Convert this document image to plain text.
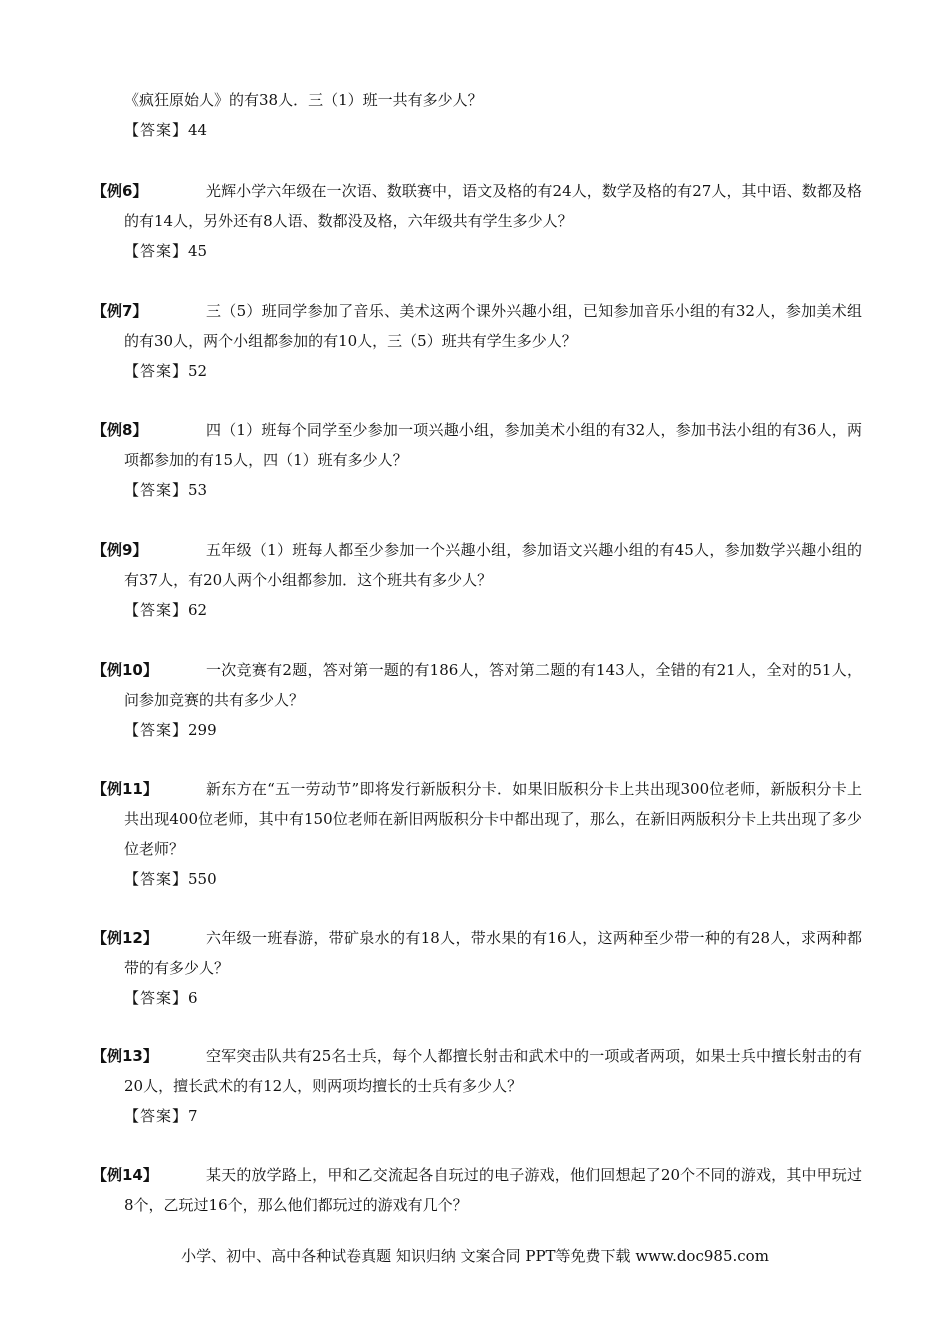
《疯狂原始人》的有38人．三（1）班一共有多少人？
【答案】44
【例6】	光辉小学六年级在一次语、数联赛中，语文及格的有24人，数学及格的有27人，其中语、数都及格的有14人，另外还有8人语、数都没及格，六年级共有学生多少人？
【答案】45
【例7】	三（5）班同学参加了音乐、美术这两个课外兴趣小组，已知参加音乐小组的有32人，参加美术组的有30人，两个小组都参加的有10人，三（5）班共有学生多少人？
【答案】52
【例8】	四（1）班每个同学至少参加一项兴趣小组，参加美术小组的有32人，参加书法小组的有36人，两项都参加的有15人，四（1）班有多少人？
【答案】53
【例9】	五年级（1）班每人都至少参加一个兴趣小组，参加语文兴趣小组的有45人，参加数学兴趣小组的有37人，有20人两个小组都参加．这个班共有多少人？
【答案】62
【例10】	一次竞赛有2题，答对第一题的有186人，答对第二题的有143人，全错的有21人，全对的51人，问参加竞赛的共有多少人？
【答案】299
【例11】	新东方在“五一劳动节”即将发行新版积分卡．如果旧版积分卡上共出现300位老师，新版积分卡上共出现400位老师，其中有150位老师在新旧两版积分卡中都出现了，那么，在新旧两版积分卡上共出现了多少位老师？
【答案】550
【例12】	六年级一班春游，带矿泉水的有18人，带水果的有16人，这两种至少带一种的有28人，求两种都带的有多少人？
【答案】6
【例13】	空军突击队共有25名士兵，每个人都擅长射击和武术中的一项或者两项，如果士兵中擅长射击的有20人，擅长武术的有12人，则两项均擅长的士兵有多少人？
【答案】7
【例14】	某天的放学路上，甲和乙交流起各自玩过的电子游戏，他们回想起了20个不同的游戏，其中甲玩过8个，乙玩过16个，那么他们都玩过的游戏有几个？
小学、初中、高中各种试卷真题 知识归纳 文案合同 PPT等免费下载 www.doc985.com
